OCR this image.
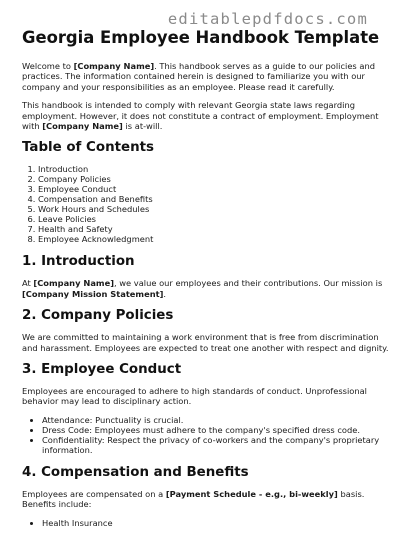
editablepdfdocs.com
Georgia Employee Handbook Template

Welcome to [Company Name]. This handbook serves as a guide to our policies and practices. The information contained herein is designed to familiarize you with our company and your responsibilities as an employee. Please read it carefully.

This handbook is intended to comply with relevant Georgia state laws regarding employment. However, it does not constitute a contract of employment. Employment with [Company Name] is at-will.

Table of Contents
1. Introduction
2. Company Policies
3. Employee Conduct
4. Compensation and Benefits
5. Work Hours and Schedules
6. Leave Policies
7. Health and Safety
8. Employee Acknowledgment
1. Introduction

At [Company Name], we value our employees and their contributions. Our mission is [Company Mission Statement].

2. Company Policies

We are committed to maintaining a work environment that is free from discrimination and harassment. Employees are expected to treat one another with respect and dignity.

3. Employee Conduct

Employees are encouraged to adhere to high standards of conduct. Unprofessional behavior may lead to disciplinary action.

• Attendance: Punctuality is crucial.
• Dress Code: Employees must adhere to the company's specified dress code.
• Confidentiality: Respect the privacy of co-workers and the company's proprietary information.
4. Compensation and Benefits

Employees are compensated on a [Payment Schedule - e.g., bi-weekly] basis. Benefits include:

• Health Insurance
